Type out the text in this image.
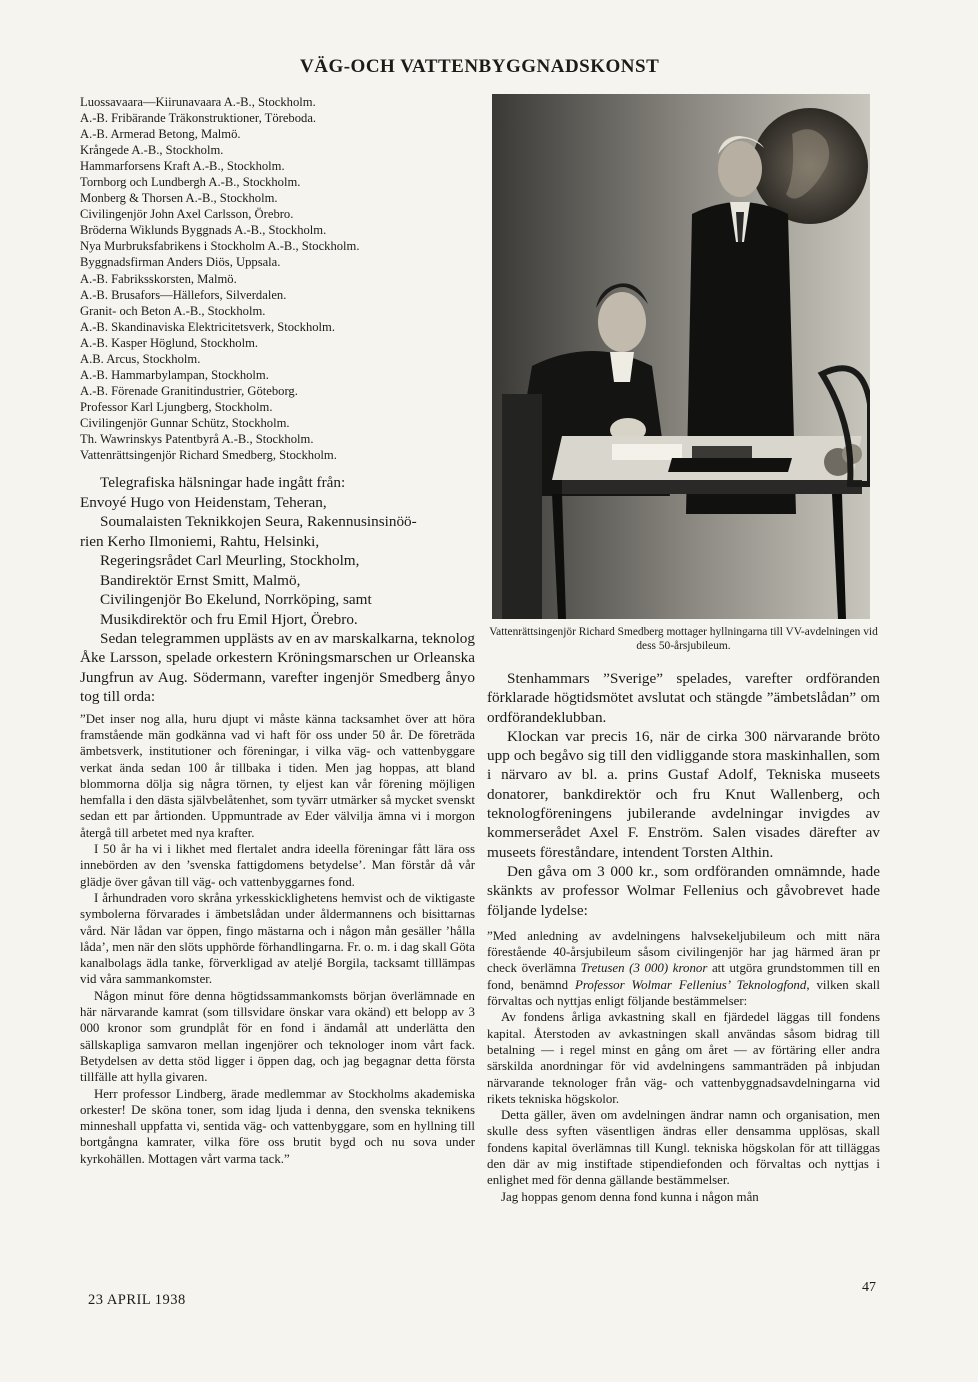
VÄG-OCH VATTENBYGGNADSKONST
Luossavaara—Kiirunavaara A.-B., Stockholm.
A.-B. Fribärande Träkonstruktioner, Töreboda.
A.-B. Armerad Betong, Malmö.
Krångede A.-B., Stockholm.
Hammarforsens Kraft A.-B., Stockholm.
Tornborg och Lundbergh A.-B., Stockholm.
Monberg & Thorsen A.-B., Stockholm.
Civilingenjör John Axel Carlsson, Örebro.
Bröderna Wiklunds Byggnads A.-B., Stockholm.
Nya Murbruksfabrikens i Stockholm A.-B., Stockholm.
Byggnadsfirman Anders Diös, Uppsala.
A.-B. Fabriksskorsten, Malmö.
A.-B. Brusafors—Hällefors, Silverdalen.
Granit- och Beton A.-B., Stockholm.
A.-B. Skandinaviska Elektricitetsverk, Stockholm.
A.-B. Kasper Höglund, Stockholm.
A.B. Arcus, Stockholm.
A.-B. Hammarbylampan, Stockholm.
A.-B. Förenade Granitindustrier, Göteborg.
Professor Karl Ljungberg, Stockholm.
Civilingenjör Gunnar Schütz, Stockholm.
Th. Wawrinskys Patentbyrå A.-B., Stockholm.
Vattenrättsingenjör Richard Smedberg, Stockholm.
Telegrafiska hälsningar hade ingått från:
Envoyé Hugo von Heidenstam, Teheran,
Soumalaisten Teknikkojen Seura, Rakennusinsinöö-
rien Kerho Ilmoniemi, Rahtu, Helsinki,
Regeringsrådet Carl Meurling, Stockholm,
Bandirektör Ernst Smitt, Malmö,
Civilingenjör Bo Ekelund, Norrköping, samt
Musikdirektör och fru Emil Hjort, Örebro.

Sedan telegrammen upplästs av en av marskalkarna, teknolog Åke Larsson, spelade orkestern Kröningsmarschen ur Orleanska Jungfrun av Aug. Södermann, varefter ingenjör Smedberg ånyo tog till orda:

”Det inser nog alla, huru djupt vi måste känna tacksamhet över att höra framstående män godkänna vad vi haft för oss under 50 år. De företräda ämbetsverk, institutioner och föreningar, i vilka väg- och vattenbyggare verkat ända sedan 100 år tillbaka i tiden. Men jag hoppas, att bland blommorna dölja sig några törnen, ty eljest kan vår förening möjligen hemfalla i den dästa självbelåtenhet, som tyvärr utmärker så mycket svenskt sedan ett par årtionden. Uppmuntrade av Eder välvilja ämna vi i morgon återgå till arbetet med nya krafter.

I 50 år ha vi i likhet med flertalet andra ideella föreningar fått lära oss innebörden av den ’svenska fattigdomens betydelse’. Man förstår då vår glädje över gåvan till väg- och vattenbyggarnes fond.

I århundraden voro skråna yrkesskicklighetens hemvist och de viktigaste symbolerna förvarades i ämbetslådan under åldermannens och bisittarnas vård. När lådan var öppen, fingo mästarna och i någon mån gesäller ’hålla låda’, men när den slöts upphörde förhandlingarna. Fr. o. m. i dag skall Göta kanalbolags ädla tanke, förverkligad av ateljé Borgila, tacksamt tilllämpas vid våra sammankomster.

Någon minut före denna högtidssammankomsts början överlämnade en här närvarande kamrat (som tillsvidare önskar vara okänd) ett belopp av 3 000 kronor som grundplåt för en fond i ändamål att underlätta den sällskapliga samvaron mellan ingenjörer och teknologer inom vårt fack. Betydelsen av detta stöd ligger i öppen dag, och jag begagnar detta första tillfälle att hylla givaren.

Herr professor Lindberg, ärade medlemmar av Stockholms akademiska orkester! De sköna toner, som idag ljuda i denna, den svenska teknikens minneshall uppfatta vi, sentida väg- och vattenbyggare, som en hyllning till bortgångna kamrater, vilka före oss brutit bygd och nu sova under kyrkohällen. Mottagen vårt varma tack.”

Vattenrättsingenjör Richard Smedberg mottager hyllningarna till VV-avdelningen vid dess 50-årsjubileum.

Stenhammars ”Sverige” spelades, varefter ordföranden förklarade högtidsmötet avslutat och stängde ”ämbetslådan” om ordförandeklubban.

Klockan var precis 16, när de cirka 300 närvarande bröto upp och begåvo sig till den vidliggande stora maskinhallen, som i närvaro av bl. a. prins Gustaf Adolf, Tekniska museets donatorer, bankdirektör och fru Knut Wallenberg, och teknologföreningens jubilerande avdelningar invigdes av kommerserådet Axel F. Enström. Salen visades därefter av museets föreståndare, intendent Torsten Althin.

Den gåva om 3 000 kr., som ordföranden omnämnde, hade skänkts av professor Wolmar Fellenius och gåvobrevet hade följande lydelse:

”Med anledning av avdelningens halvsekeljubileum och mitt nära förestående 40-årsjubileum såsom civilingenjör har jag härmed äran pr check överlämna Tretusen (3 000) kronor att utgöra grundstommen till en fond, benämnd Professor Wolmar Fellenius’ Teknologfond, vilken skall förvaltas och nyttjas enligt följande bestämmelser:

Av fondens årliga avkastning skall en fjärdedel läggas till fondens kapital. Återstoden av avkastningen skall användas såsom bidrag till betalning — i regel minst en gång om året — av förtäring eller andra särskilda anordningar för vid avdelningens sammanträden på inbjudan närvarande teknologer från väg- och vattenbyggnadsavdelningarna vid rikets tekniska högskolor.

Detta gäller, även om avdelningen ändrar namn och organisation, men skulle dess syften väsentligen ändras eller densamma upplösas, skall fondens kapital överlämnas till Kungl. tekniska högskolan för att tilläggas den där av mig instiftade stipendiefonden och förvaltas och nyttjas i enlighet med för denna gällande bestämmelser.

Jag hoppas genom denna fond kunna i någon mån

23 APRIL 1938
47
